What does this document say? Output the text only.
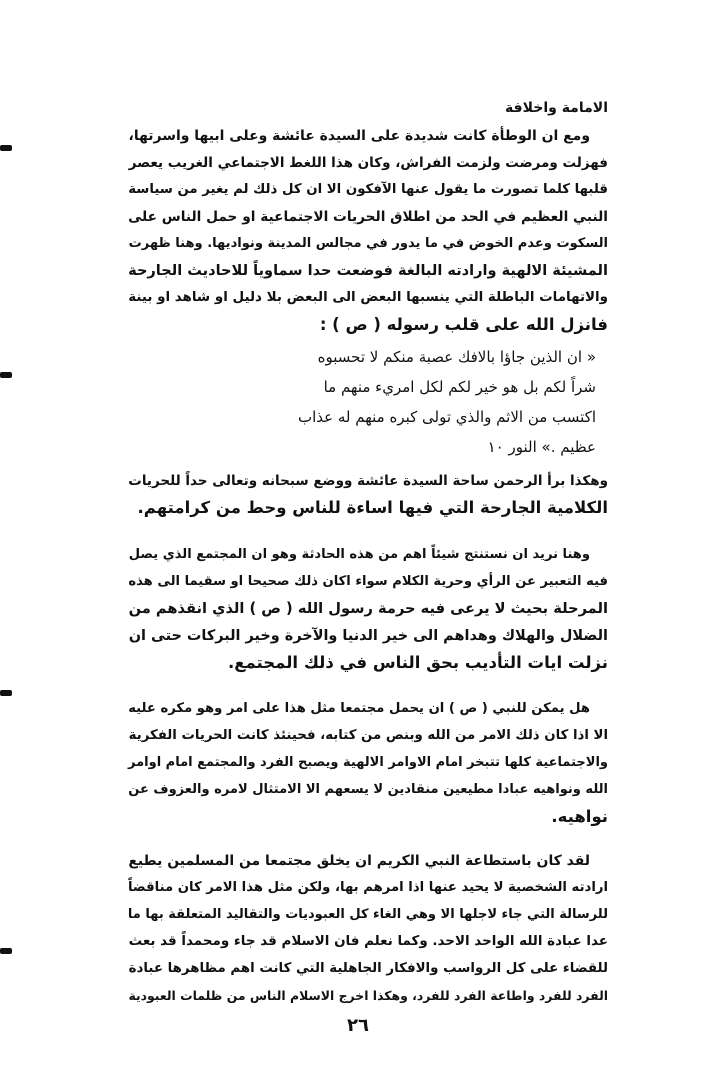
الامامة واخلافة
ومع ان الوطأة كانت شديدة على السيدة عائشة وعلى ابيها واسرتها،
فهزلت ومرضت ولزمت الفراش، وكان هذا اللغط الاجتماعي الغريب يعصر
قلبها كلما تصورت ما يقول عنها الآفكون الا ان كل ذلك لم يغير من سياسة
النبي العظيم في الحد من اطلاق الحريات الاجتماعية او حمل الناس على
السكوت وعدم الخوض في ما يدور في مجالس المدينة ونواديها. وهنا ظهرت
المشيئة الالهية وارادته البالغة فوضعت حدا سماوياً للاحاديث الجارحة
والاتهامات الباطلة التي ينسبها البعض الى البعض بلا دليل او شاهد او بينة
فانزل الله على قلب رسوله ( ص ) :
« ان الذين جاؤا بالافك عصبة منكم لا تحسبوه
شراً لكم بل هو خير لكم لكل امريء منهم ما
اكتسب من الاثم والذي تولى كبره منهم له عذاب
عظيم .» النور ١٠
وهكذا برأ الرحمن ساحة السيدة عائشة ووضع سبحانه وتعالى حداً للحريات
الكلامية الجارحة التي فيها اساءة للناس وحط من كرامتهم.
وهنا نريد ان نستنتج شيئاً اهم من هذه الحادثة وهو ان المجتمع الذي يصل
فيه التعبير عن الرأي وحرية الكلام سواء اكان ذلك صحيحا او سقيما الى هذه
المرحلة بحيث لا يرعى فيه حرمة رسول الله ( ص ) الذي انقذهم من
الضلال والهلاك وهداهم الى خير الدنيا والآخرة وخير البركات حتى ان
نزلت ايات التأديب بحق الناس في ذلك المجتمع.
هل يمكن للنبي ( ص ) ان يحمل مجتمعا مثل هذا على امر وهو مكره عليه
الا اذا كان ذلك الامر من الله وبنص من كتابه، فحينئذ كانت الحريات الفكرية
والاجتماعية كلها تتبخر امام الاوامر الالهية ويصبح الفرد والمجتمع امام اوامر
الله ونواهيه عبادا مطيعين منقادين لا يسعهم الا الامتثال لامره والعزوف عن
نواهيه.
لقد كان باستطاعة النبي الكريم ان يخلق مجتمعا من المسلمين يطيع
ارادته الشخصية لا يحيد عنها اذا امرهم بها، ولكن مثل هذا الامر كان مناقضاً
للرسالة التي جاء لاجلها الا وهي الغاء كل العبوديات والتقاليد المتعلقة بها ما
عدا عبادة الله الواحد الاحد. وكما نعلم فان الاسلام قد جاء ومحمداً قد بعث
للقضاء على كل الرواسب والافكار الجاهلية التي كانت اهم مظاهرها عبادة
الفرد للفرد واطاعة الفرد للفرد، وهكذا اخرج الاسلام الناس من ظلمات العبودية
٢٦
